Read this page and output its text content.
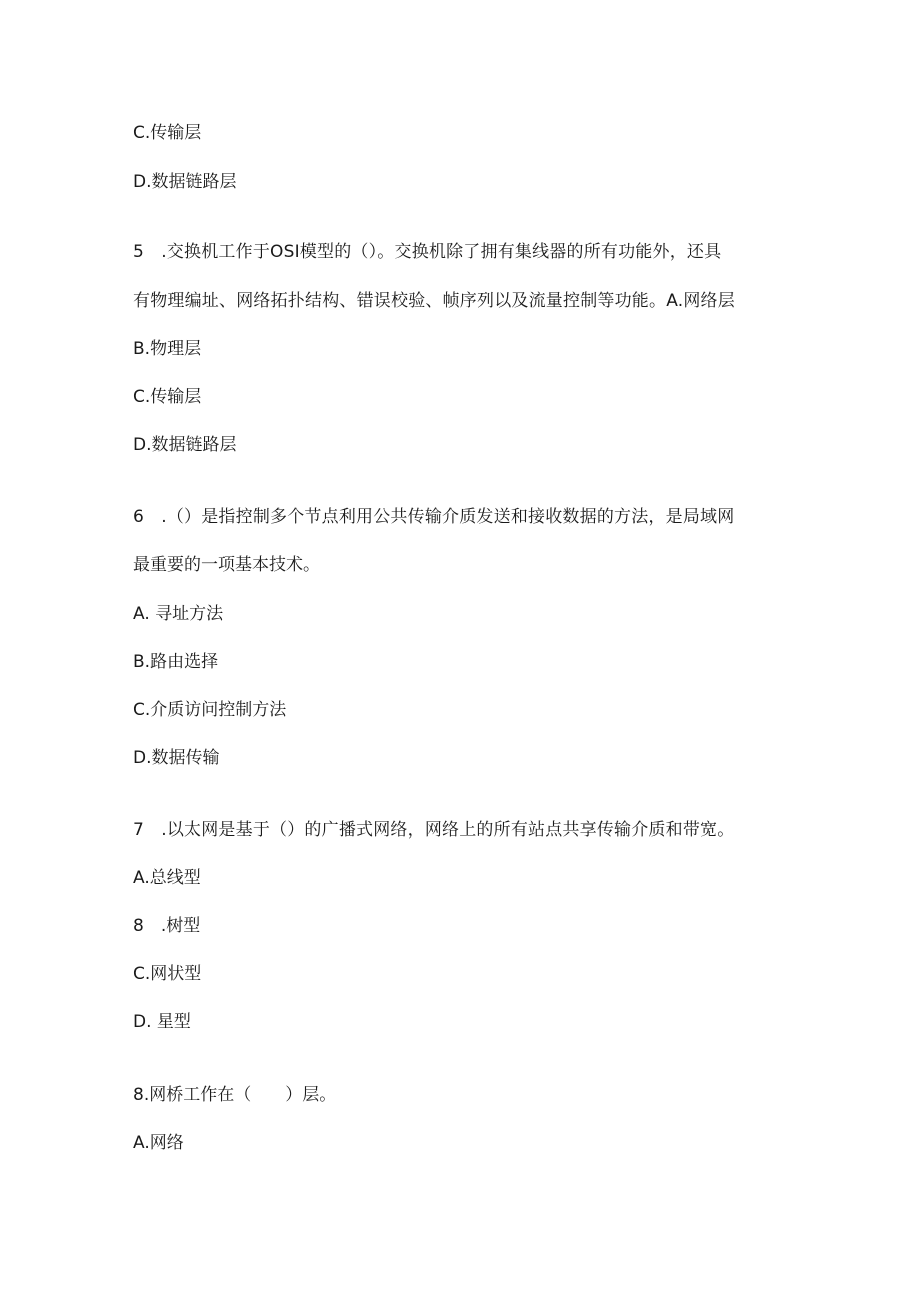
C.传输层
D.数据链路层
5　.交换机工作于OSI模型的（）。交换机除了拥有集线器的所有功能外，还具
有物理编址、网络拓扑结构、错误校验、帧序列以及流量控制等功能。A.网络层
B.物理层
C.传输层
D.数据链路层
6　.（）是指控制多个节点利用公共传输介质发送和接收数据的方法，是局域网
最重要的一项基本技术。
A. 寻址方法
B.路由选择
C.介质访问控制方法
D.数据传输
7　.以太网是基于（）的广播式网络，网络上的所有站点共享传输介质和带宽。
A.总线型
8　.树型
C.网状型
D. 星型
8.网桥工作在（　　）层。
A.网络
